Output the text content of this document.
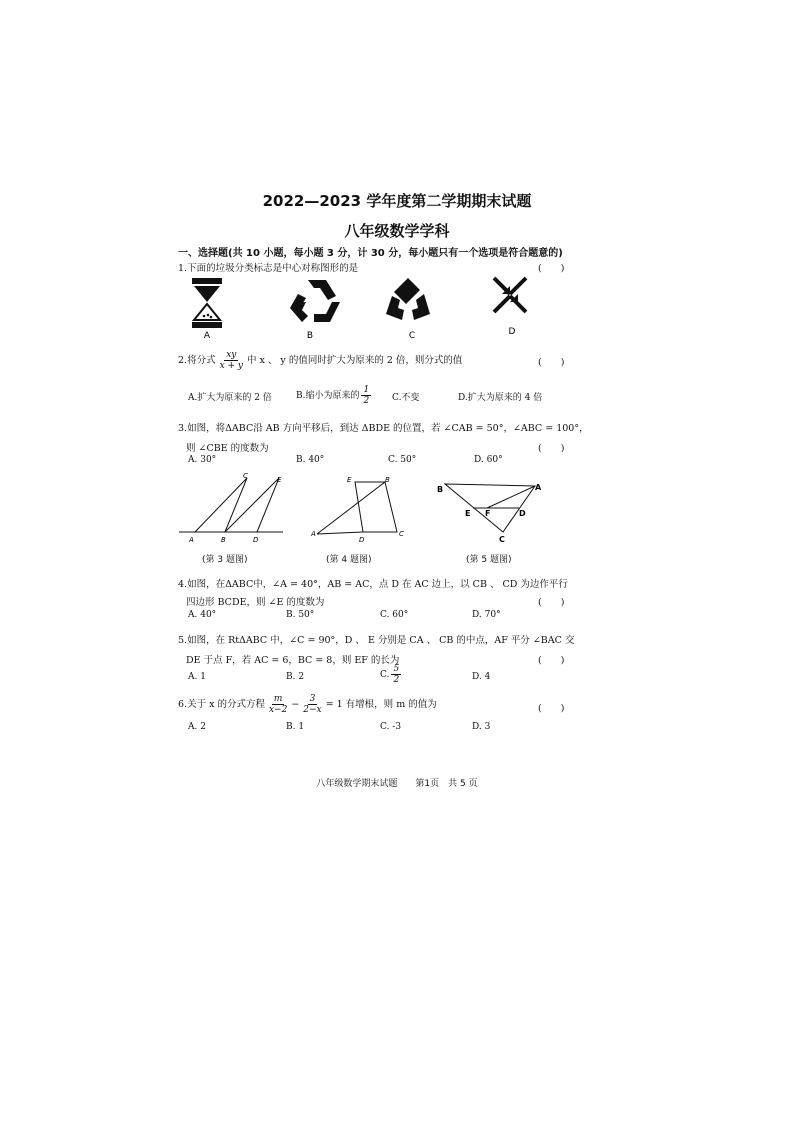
2022—2023 学年度第二学期期末试题
八年级数学学科
一、选择题(共 10 小题，每小题 3 分，计 30 分，每小题只有一个选项是符合题意的)
1.下面的垃圾分类标志是中心对称图形的是	(　　)
A	B	C	D
2.将分式 $\frac{xy}{x + y}$ 中 x 、 y 的值同时扩大为原来的 2 倍，则分式的值	(　　)
A.扩大为原来的 2 倍	B.缩小为原来的 $\frac{1}{2} C$.不变	D.扩大为原来的 4 倍
3.如图，将ΔABC沿 AB 方向平移后，到达 ΔBDE 的位置，若 ∠CAB = 50°，∠ABC = 100°，
则 ∠CBE 的度数为	(　　)
A. 30°	B. 40°	C. 50°	D. 60°
A	B	D
C	E	E	B
A
D
C
B	A
E F	D
C
(第 3 题图)	(第 4 题图)	(第 5 题图)
4.如图，在ΔABC中，∠A = 40°，AB = AC，点 D 在 AC 边上，以 CB 、 CD 为边作平行
四边形 BCDE，则 ∠E 的度数为	(　　)
A. 40°	B. 50°	C. 60°	D. 70°
5.如图，在 RtΔABC 中，∠C = 90°，D 、 E 分别是 CA 、 CB 的中点，AF 平分 ∠BAC 交
DE 于点 F，若 AC = 6，BC = 8，则 EF 的长为	(　　)
A. 1	B. 2	C. $\frac{5}{2}$	D. 4
6.关于 x 的分式方程 $\frac{m}{x-2} - \frac{3}{2-x} = 1$ 有增根，则 m 的值为	(　　)
A. 2	B. 1	C. -3	D. 3
八年级数学期末试题　　第1页　共 5 页
